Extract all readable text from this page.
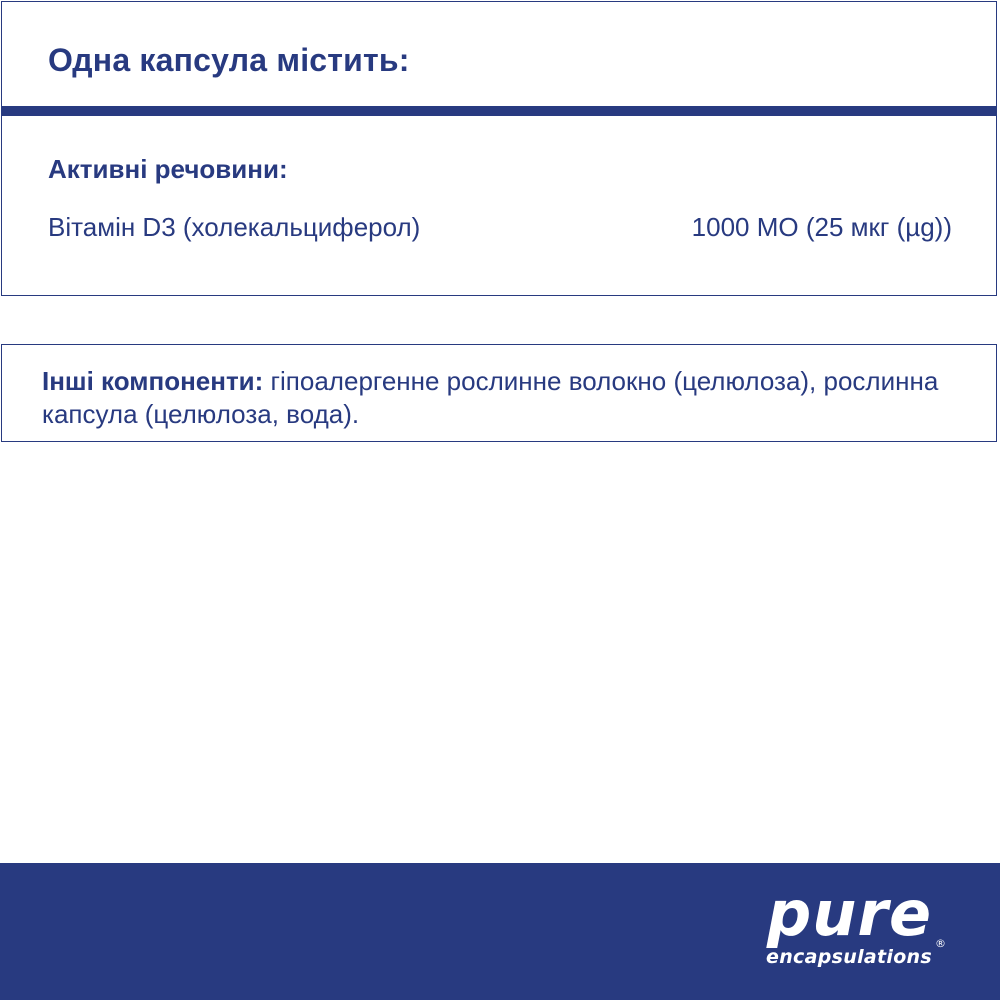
Одна капсула містить:
Активні речовини:
Вітамін D3 (холекальциферол)	1000 МО (25 мкг (µg))

Інші компоненти: гіпоалергенне рослинне волокно (целюлоза), рослинна капсула (целюлоза, вода).

pure
encapsulations
®
